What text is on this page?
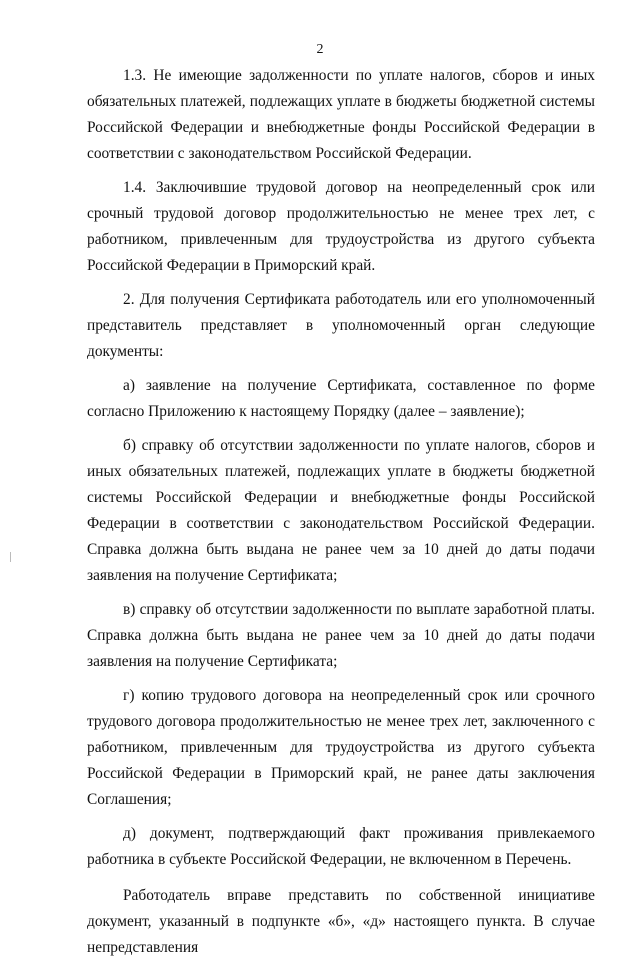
2

1.3. Не имеющие задолженности по уплате налогов, сборов и иных обязательных платежей, подлежащих уплате в бюджеты бюджетной системы Российской Федерации и внебюджетные фонды Российской Федерации в соответствии с законодательством Российской Федерации.

1.4. Заключившие трудовой договор на неопределенный срок или срочный трудовой договор продолжительностью не менее трех лет, с работником, привлеченным для трудоустройства из другого субъекта Российской Федерации в Приморский край.

2. Для получения Сертификата работодатель или его уполномоченный представитель представляет в уполномоченный орган следующие документы:

а) заявление на получение Сертификата, составленное по форме согласно Приложению к настоящему Порядку (далее – заявление);

б) справку об отсутствии задолженности по уплате налогов, сборов и иных обязательных платежей, подлежащих уплате в бюджеты бюджетной системы Российской Федерации и внебюджетные фонды Российской Федерации в соответствии с законодательством Российской Федерации. Справка должна быть выдана не ранее чем за 10 дней до даты подачи заявления на получение Сертификата;

в) справку об отсутствии задолженности по выплате заработной платы. Справка должна быть выдана не ранее чем за 10 дней до даты подачи заявления на получение Сертификата;

г) копию трудового договора на неопределенный срок или срочного трудового договора продолжительностью не менее трех лет, заключенного с работником, привлеченным для трудоустройства из другого субъекта Российской Федерации в Приморский край, не ранее даты заключения Соглашения;

д) документ, подтверждающий факт проживания привлекаемого работника в субъекте Российской Федерации, не включенном в Перечень.

Работодатель вправе представить по собственной инициативе документ, указанный в подпункте «б», «д» настоящего пункта. В случае непредставления
